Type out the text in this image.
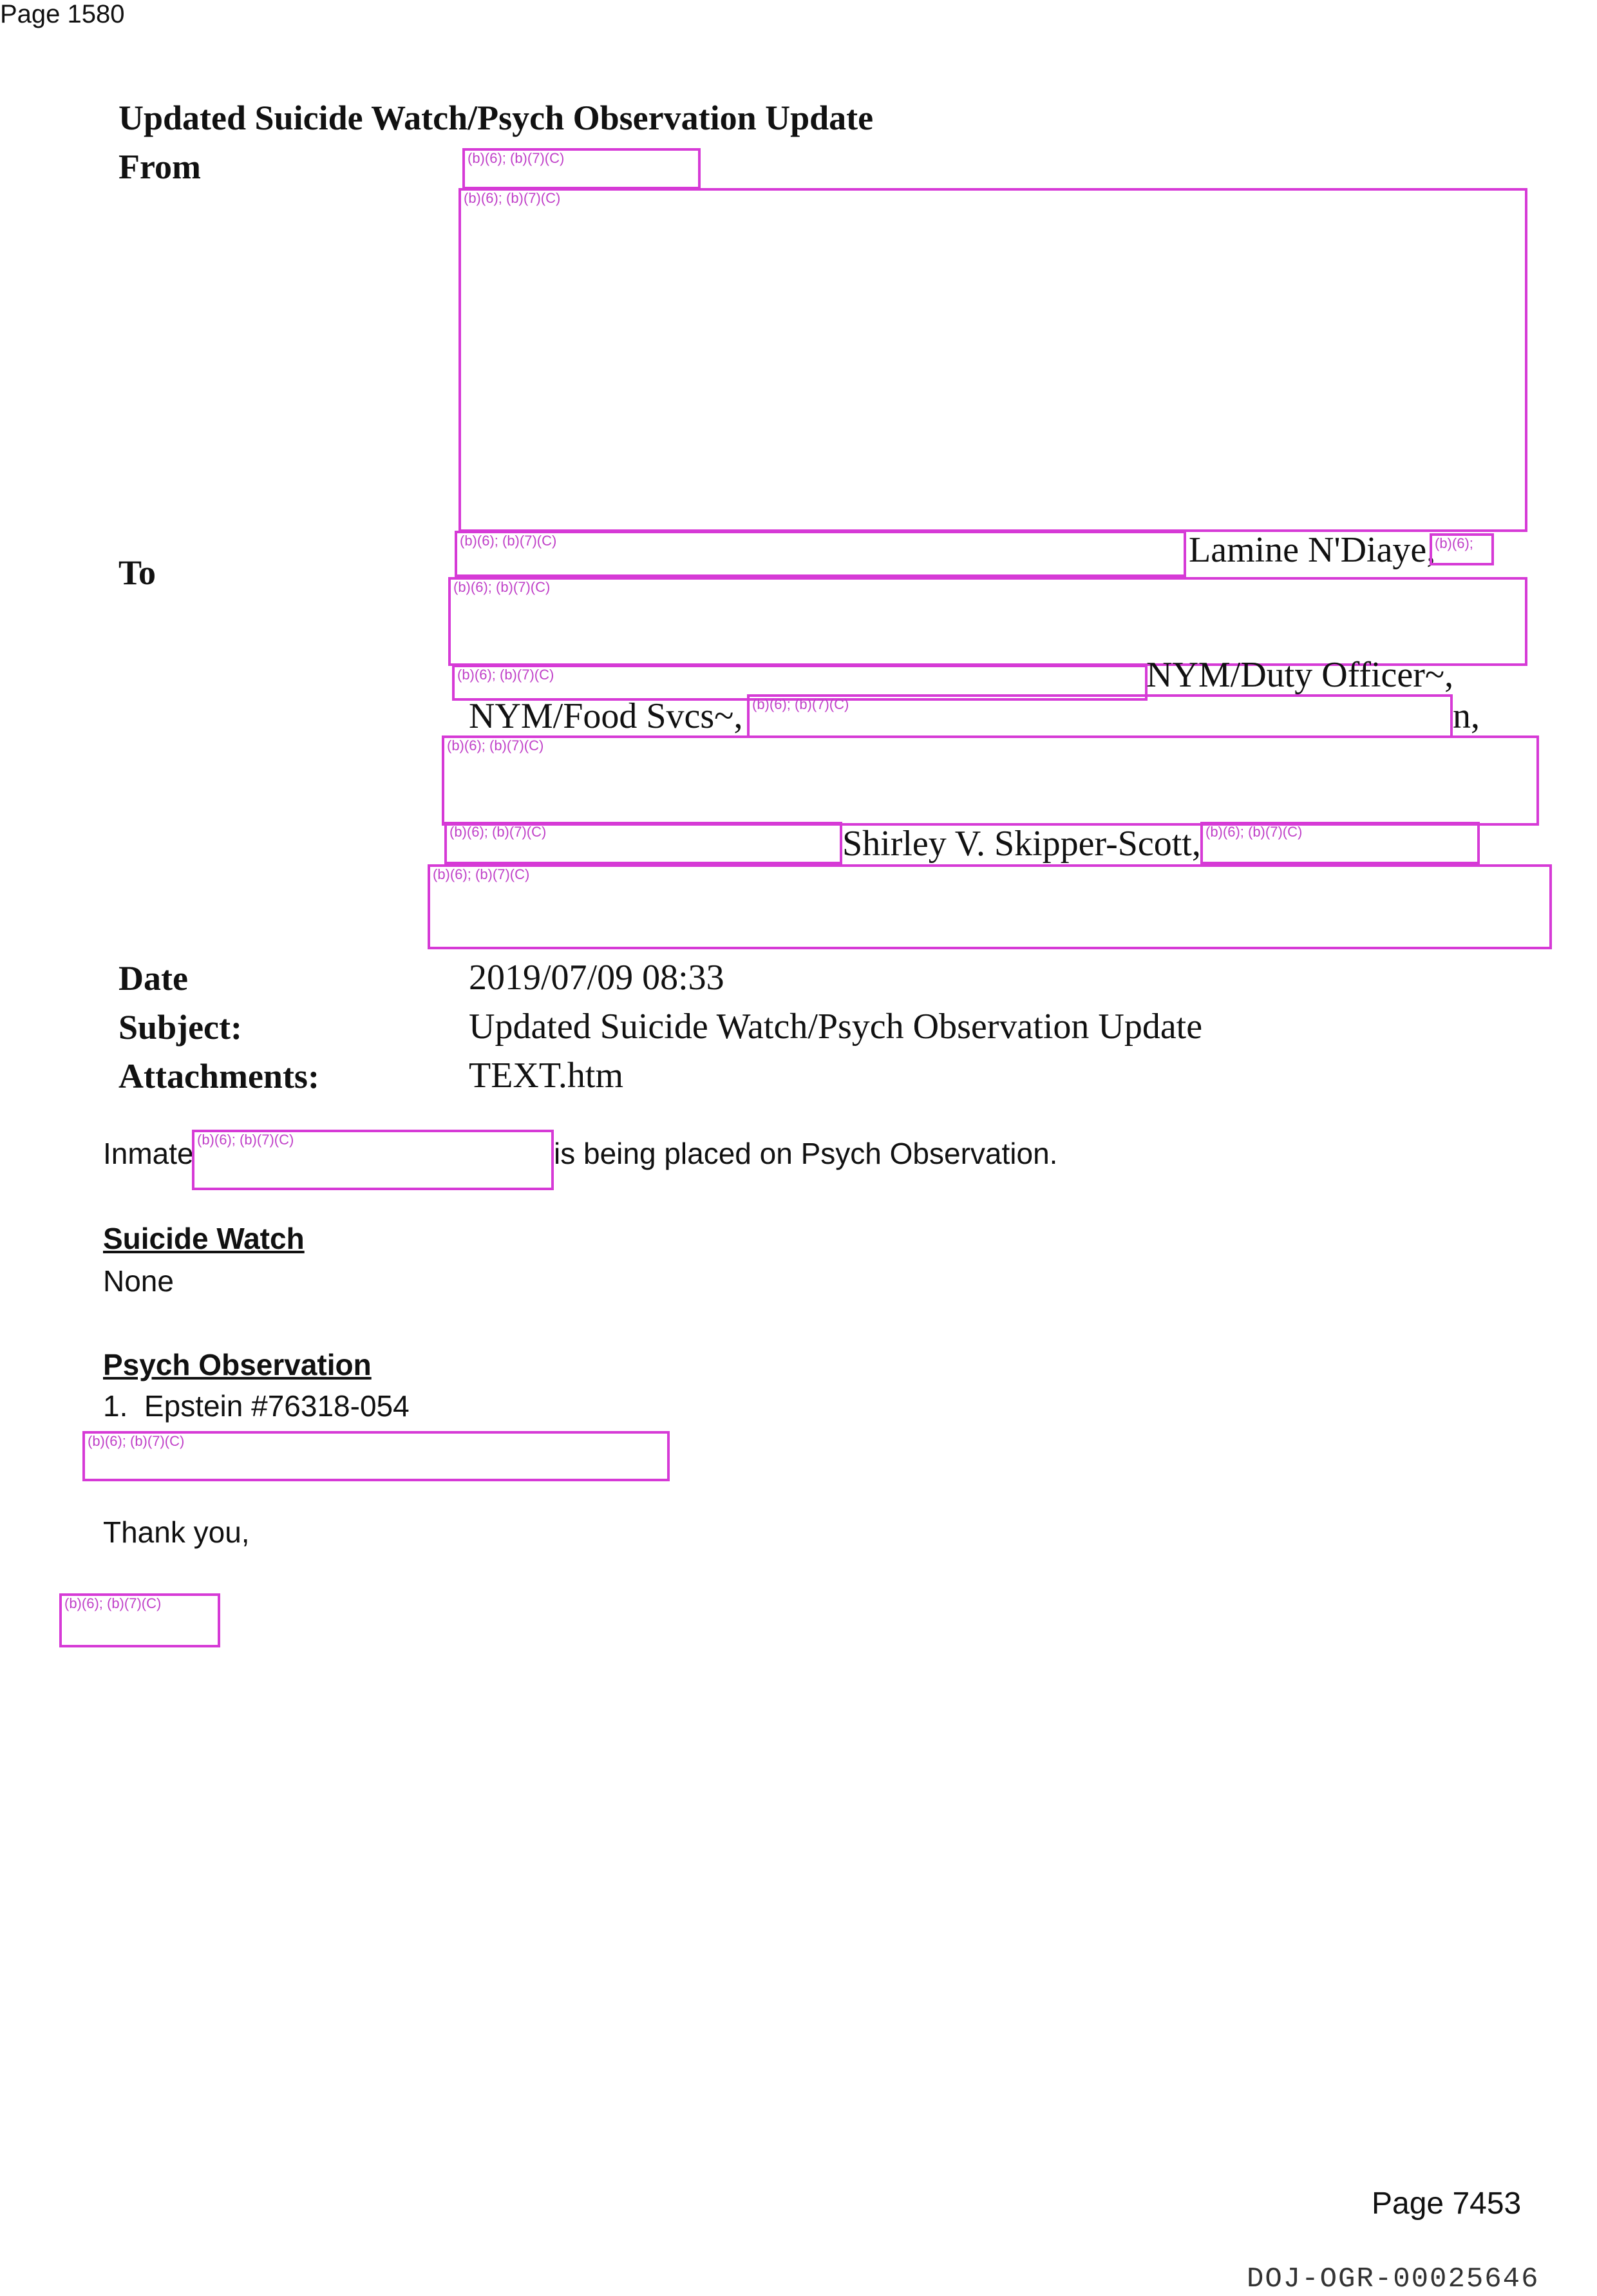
Page 1580
Updated Suicide Watch/Psych Observation Update
From	(b)(6); (b)(7)(C)
(b)(6); (b)(7)(C)
To
(b)(6); (b)(7)(C)	Lamine N'Diaye,
(b)(6);
(b)(6); (b)(7)(C)
(b)(6); (b)(7)(C)	NYM/Duty Officer~,
NYM/Food Svcs~, (b)(6); (b)(7)(C)	n,
(b)(6); (b)(7)(C)
(b)(6); (b)(7)(C)	Shirley V. Skipper-Scott, (b)(6); (b)(7)(C)
(b)(6); (b)(7)(C)
Date	2019/07/09 08:33
Subject:	Updated Suicide Watch/Psych Observation Update
Attachments:	TEXT.htm
Inmate (b)(6); (b)(7)(C)	is being placed on Psych Observation.
Suicide Watch
None
Psych Observation
1.  Epstein #76318-054
(b)(6); (b)(7)(C)
Thank you,
(b)(6); (b)(7)(C)
Page 7453
DOJ-OGR-00025646
